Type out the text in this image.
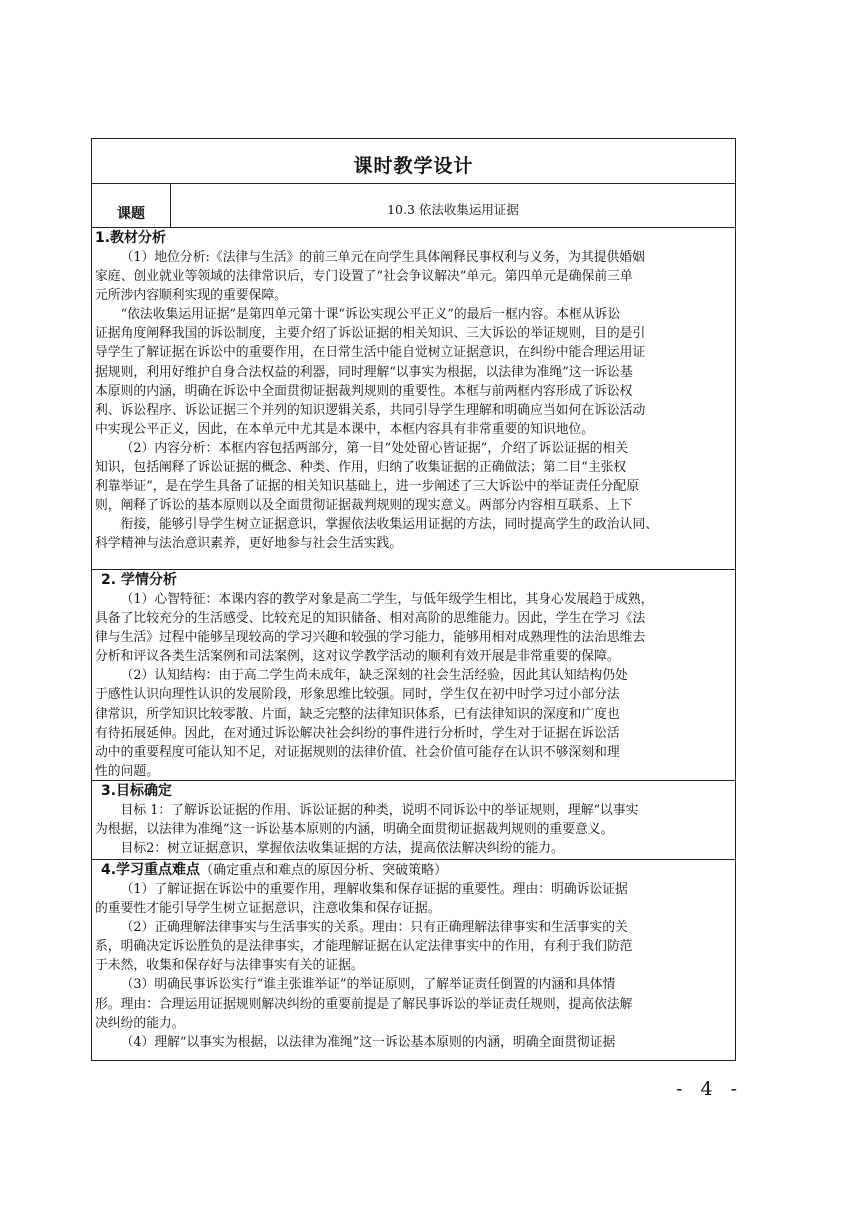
课时教学设计
课题	10.3 依法收集运用证据
1.教材分析
（1）地位分析:《法律与生活》的前三单元在向学生具体阐释民事权利与义务，为其提供婚姻
家庭、创业就业等领域的法律常识后，专门设置了“社会争议解决”单元。第四单元是确保前三单
元所涉内容顺利实现的重要保障。
“依法收集运用证据”是第四单元第十课“诉讼实现公平正义”的最后一框内容。本框从诉讼
证据角度阐释我国的诉讼制度，主要介绍了诉讼证据的相关知识、三大诉讼的举证规则，目的是引
导学生了解证据在诉讼中的重要作用，在日常生活中能自觉树立证据意识，在纠纷中能合理运用证
据规则，利用好维护自身合法权益的利器，同时理解“以事实为根据，以法律为准绳”这一诉讼基
本原则的内涵，明确在诉讼中全面贯彻证据裁判规则的重要性。本框与前两框内容形成了诉讼权
利、诉讼程序、诉讼证据三个并列的知识逻辑关系，共同引导学生理解和明确应当如何在诉讼活动
中实现公平正义，因此，在本单元中尤其是本课中，本框内容具有非常重要的知识地位。
（2）内容分析：本框内容包括两部分，第一目“处处留心皆证据”，介绍了诉讼证据的相关
知识，包括阐释了诉讼证据的概念、种类、作用，归纳了收集证据的正确做法；第二目“主张权
利靠举证”，是在学生具备了证据的相关知识基础上，进一步阐述了三大诉讼中的举证责任分配原
则，阐释了诉讼的基本原则以及全面贯彻证据裁判规则的现实意义。两部分内容相互联系、上下
衔接，能够引导学生树立证据意识，掌握依法收集运用证据的方法，同时提高学生的政治认同、
科学精神与法治意识素养，更好地参与社会生活实践。
2. 学情分析
（1）心智特征：本课内容的教学对象是高二学生，与低年级学生相比，其身心发展趋于成熟，
具备了比较充分的生活感受、比较充足的知识储备、相对高阶的思维能力。因此，学生在学习《法
律与生活》过程中能够呈现较高的学习兴趣和较强的学习能力，能够用相对成熟理性的法治思维去
分析和评议各类生活案例和司法案例，这对议学教学活动的顺利有效开展是非常重要的保障。
（2）认知结构：由于高二学生尚未成年，缺乏深刻的社会生活经验，因此其认知结构仍处
于感性认识向理性认识的发展阶段，形象思维比较强。同时，学生仅在初中时学习过小部分法
律常识，所学知识比较零散、片面，缺乏完整的法律知识体系，已有法律知识的深度和广度也
有待拓展延伸。因此，在对通过诉讼解决社会纠纷的事件进行分析时，学生对于证据在诉讼活
动中的重要程度可能认知不足，对证据规则的法律价值、社会价值可能存在认识不够深刻和理
性的问题。
3.目标确定
目标 1：了解诉讼证据的作用、诉讼证据的种类，说明不同诉讼中的举证规则，理解“以事实
为根据，以法律为准绳”这一诉讼基本原则的内涵，明确全面贯彻证据裁判规则的重要意义。
目标2：树立证据意识，掌握依法收集证据的方法，提高依法解决纠纷的能力。
4.学习重点难点（确定重点和难点的原因分析、突破策略）
（1）了解证据在诉讼中的重要作用，理解收集和保存证据的重要性。理由：明确诉讼证据
的重要性才能引导学生树立证据意识，注意收集和保存证据。
（2）正确理解法律事实与生活事实的关系。理由：只有正确理解法律事实和生活事实的关
系，明确决定诉讼胜负的是法律事实，才能理解证据在认定法律事实中的作用，有利于我们防范
于未然，收集和保存好与法律事实有关的证据。
（3）明确民事诉讼实行“谁主张谁举证”的举证原则，了解举证责任倒置的内涵和具体情
形。理由：合理运用证据规则解决纠纷的重要前提是了解民事诉讼的举证责任规则，提高依法解
决纠纷的能力。
（4）理解“以事实为根据，以法律为准绳”这一诉讼基本原则的内涵，明确全面贯彻证据
- 4 -
